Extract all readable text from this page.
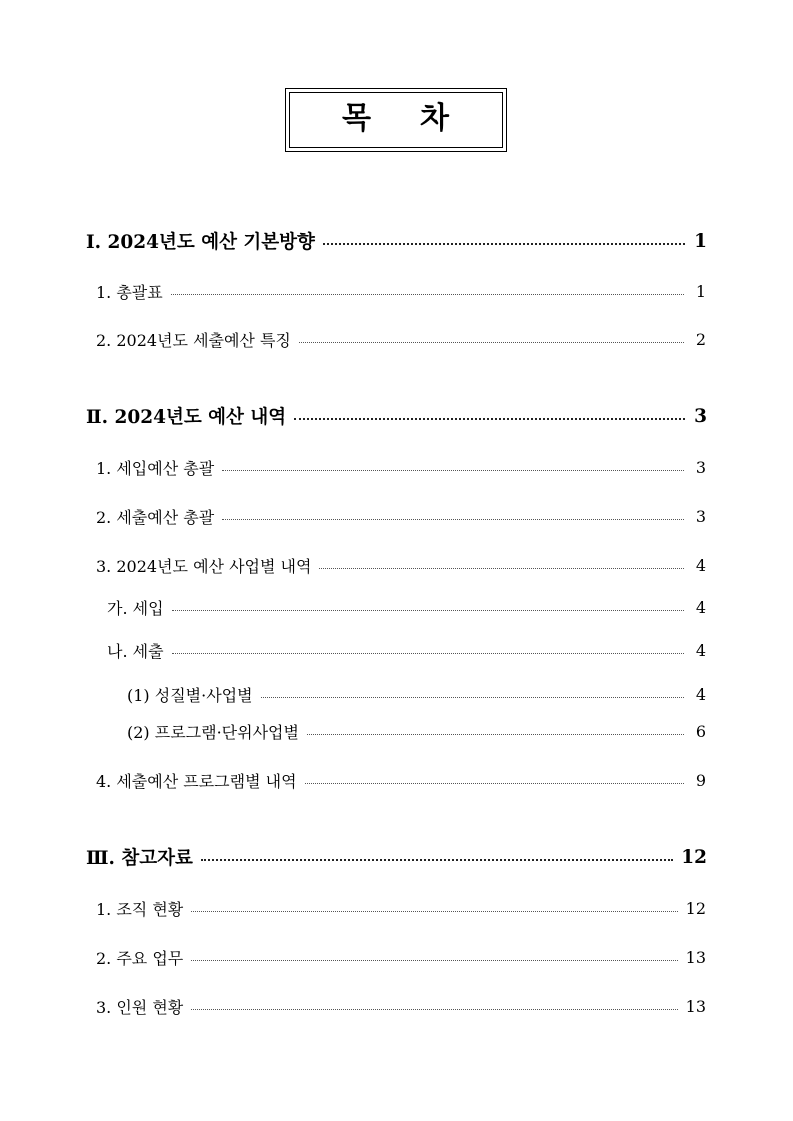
목 차
Ⅰ. 2024년도 예산 기본방향	1
1. 총괄표	1
2. 2024년도 세출예산 특징	2
Ⅱ. 2024년도 예산 내역	3
1. 세입예산 총괄	3
2. 세출예산 총괄	3
3. 2024년도 예산 사업별 내역	4
가. 세입	4
나. 세출	4
(1) 성질별·사업별	4
(2) 프로그램·단위사업별	6
4. 세출예산 프로그램별 내역	9
Ⅲ. 참고자료	12
1. 조직 현황	12
2. 주요 업무	13
3. 인원 현황	13
